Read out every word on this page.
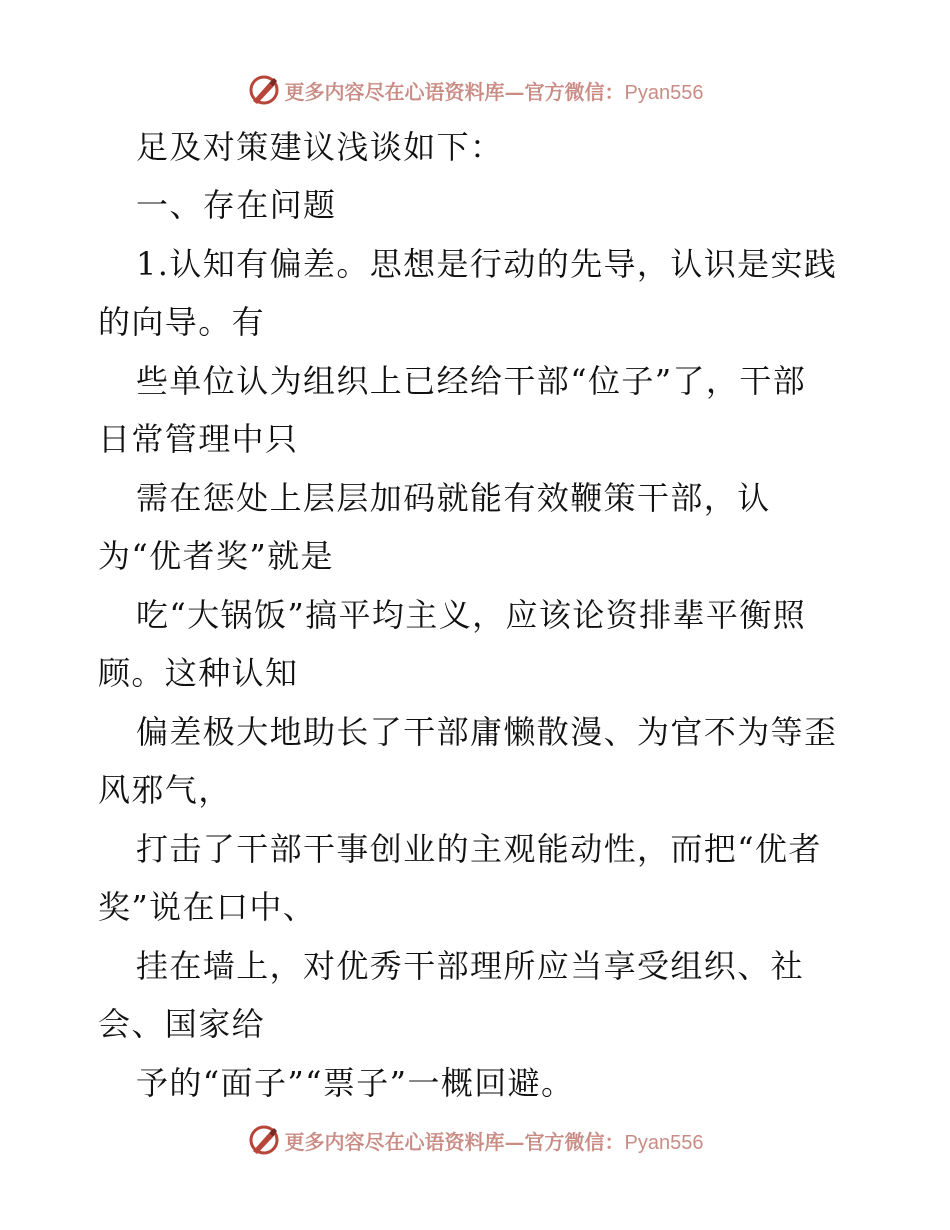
更多内容尽在心语资料库—官方微信：Pyan556
足及对策建议浅谈如下：
一、存在问题
1.认知有偏差。思想是行动的先导，认识是实践
的向导。有
些单位认为组织上已经给干部“位子”了，干部
日常管理中只
需在惩处上层层加码就能有效鞭策干部，认
为“优者奖”就是
吃“大锅饭”搞平均主义，应该论资排辈平衡照
顾。这种认知
偏差极大地助长了干部庸懒散漫、为官不为等歪
风邪气，
打击了干部干事创业的主观能动性，而把“优者
奖”说在口中、
挂在墙上，对优秀干部理所应当享受组织、社
会、国家给
予的“面子”“票子”一概回避。
更多内容尽在心语资料库—官方微信：Pyan556
